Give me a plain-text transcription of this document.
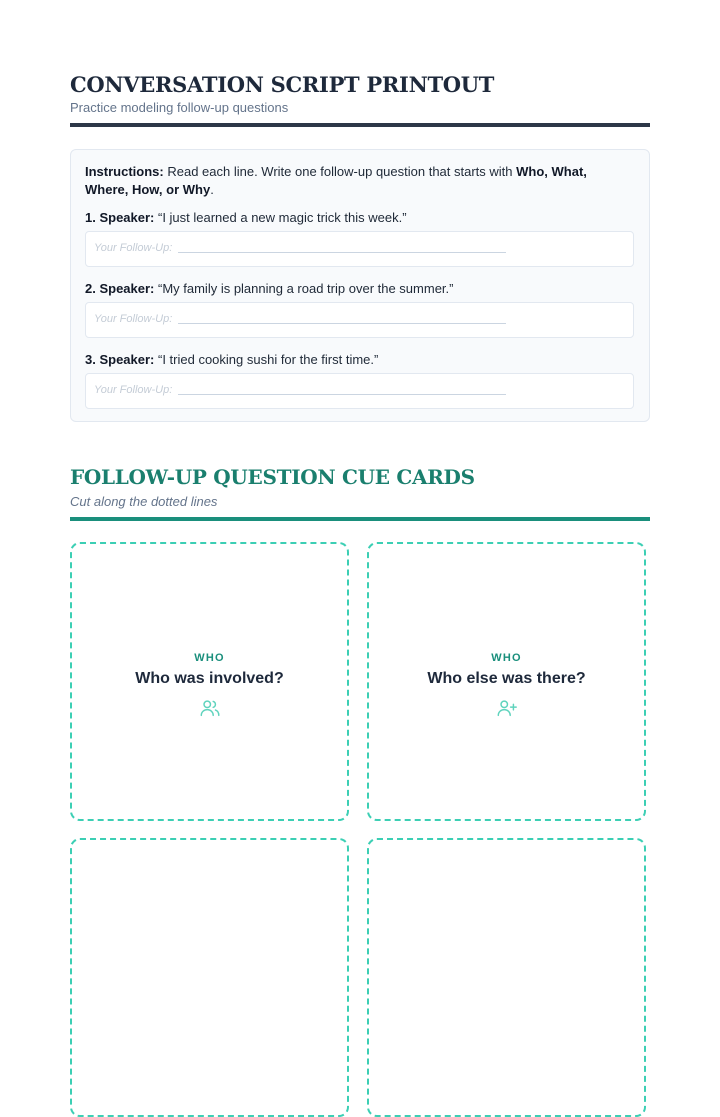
CONVERSATION SCRIPT PRINTOUT
Practice modeling follow-up questions
Instructions: Read each line. Write one follow-up question that starts with Who, What, Where, How, or Why.
1. Speaker: “I just learned a new magic trick this week.”
Your Follow-Up:
2. Speaker: “My family is planning a road trip over the summer.”
Your Follow-Up:
3. Speaker: “I tried cooking sushi for the first time.”
Your Follow-Up:
FOLLOW-UP QUESTION CUE CARDS
Cut along the dotted lines
WHO
Who was involved?
WHO
Who else was there?
